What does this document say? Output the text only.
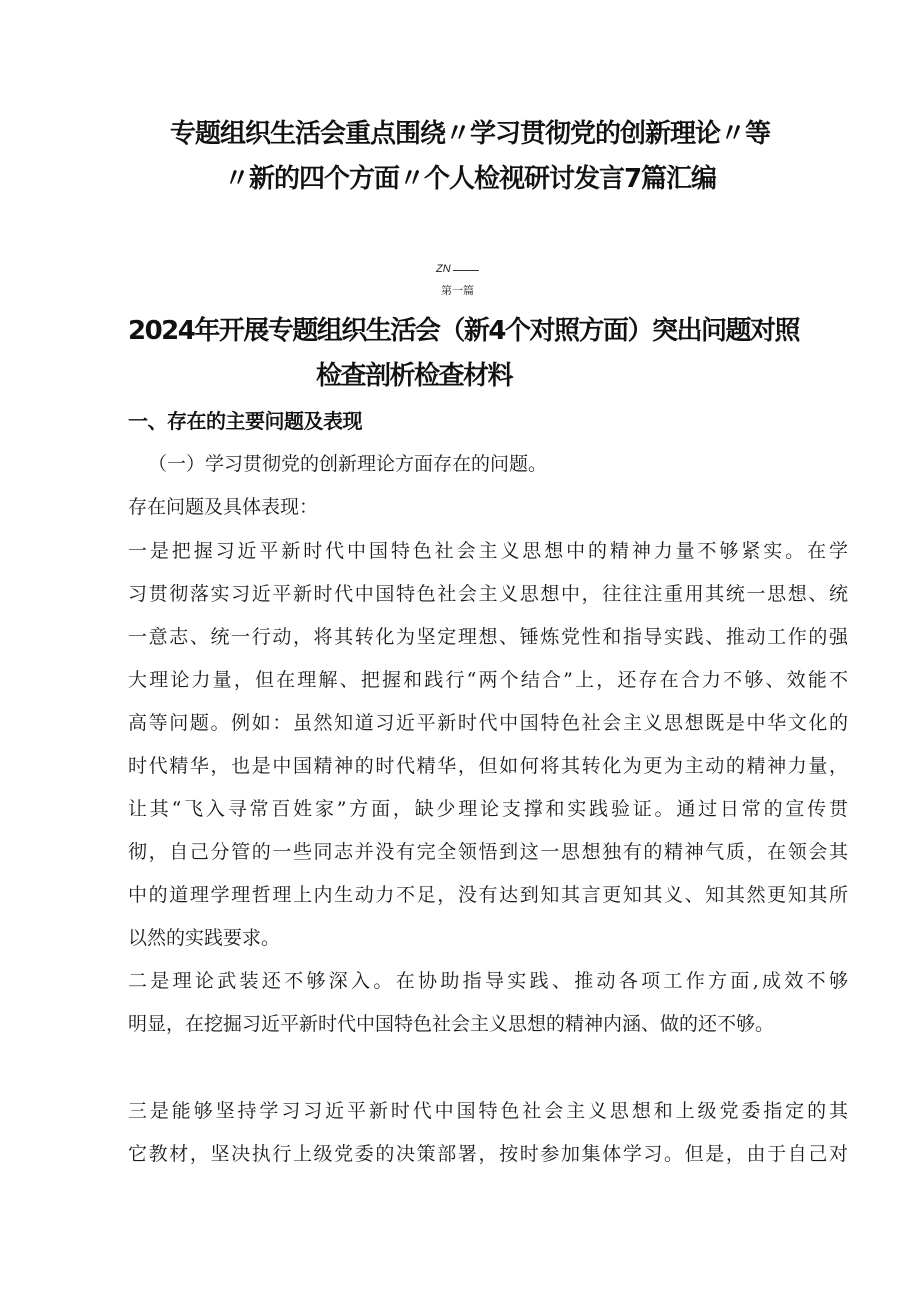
专题组织生活会重点围绕〃学习贯彻党的创新理论〃等
〃新的四个方面〃个人检视研讨发言7篇汇编
ZN
第一篇
2024年开展专题组织生活会（新4个对照方面）突出问题对照
检查剖析检查材料
一、存在的主要问题及表现
（一）学习贯彻党的创新理论方面存在的问题。
存在问题及具体表现：
一是把握习近平新时代中国特色社会主义思想中的精神力量不够紧实。在学
习贯彻落实习近平新时代中国特色社会主义思想中，往往注重用其统一思想、统
一意志、统一行动，将其转化为坚定理想、锤炼党性和指导实践、推动工作的强
大理论力量，但在理解、把握和践行“两个结合”上，还存在合力不够、效能不
高等问题。例如：虽然知道习近平新时代中国特色社会主义思想既是中华文化的
时代精华，也是中国精神的时代精华，但如何将其转化为更为主动的精神力量，
让其“飞入寻常百姓家”方面，缺少理论支撑和实践验证。通过日常的宣传贯
彻，自己分管的一些同志并没有完全领悟到这一思想独有的精神气质，在领会其
中的道理学理哲理上内生动力不足，没有达到知其言更知其义、知其然更知其所
以然的实践要求。
二是理论武装还不够深入。在协助指导实践、推动各项工作方面,成效不够
明显，在挖掘习近平新时代中国特色社会主义思想的精神内涵、做的还不够。
三是能够坚持学习习近平新时代中国特色社会主义思想和上级党委指定的其
它教材，坚决执行上级党委的决策部署，按时参加集体学习。但是，由于自己对
